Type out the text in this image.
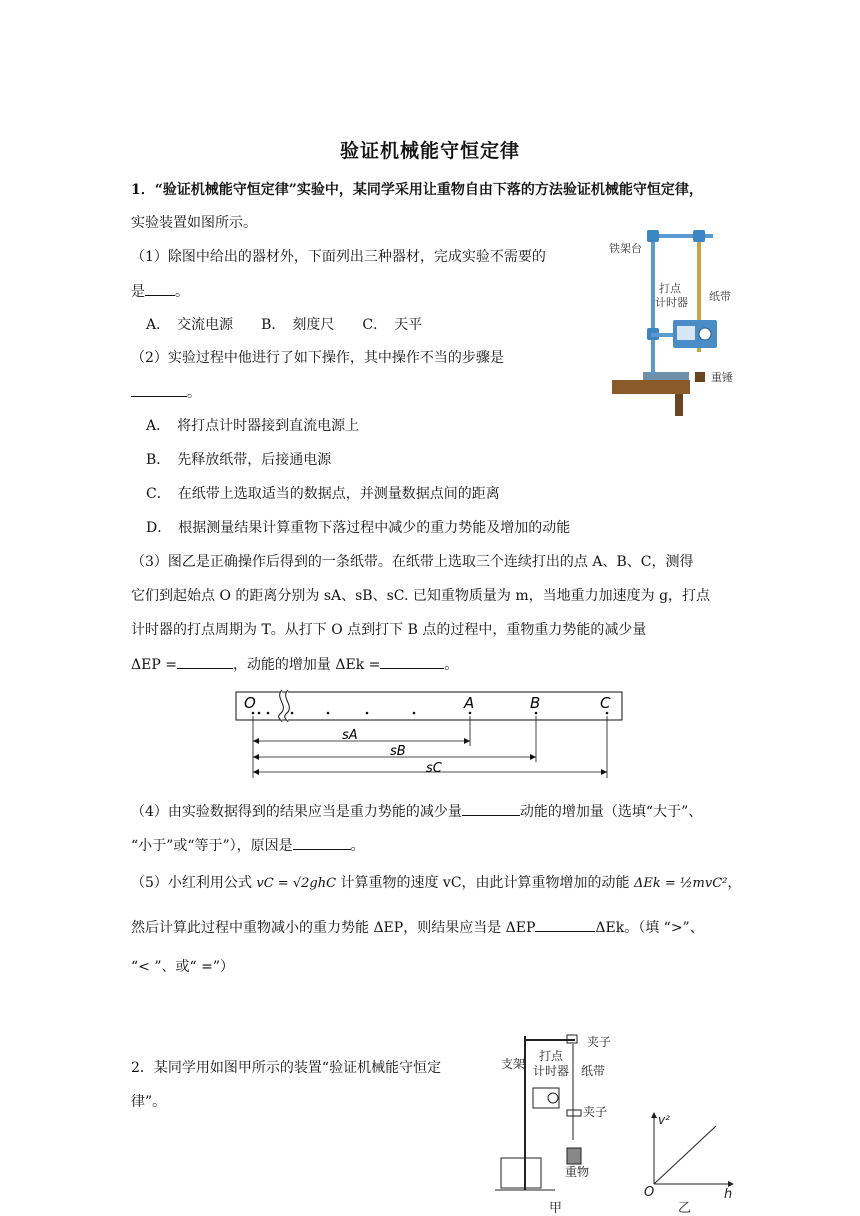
验证机械能守恒定律
1．“验证机械能守恒定律”实验中，某同学采用让重物自由下落的方法验证机械能守恒定律，
实验装置如图所示。
（1）除图中给出的器材外，下面列出三种器材，完成实验不需要的
是 。
A．　交流电源　　B．　刻度尺　　C．　天平
（2）实验过程中他进行了如下操作，其中操作不当的步骤是
。
A．　将打点计时器接到直流电源上
B．　先释放纸带，后接通电源
C．　在纸带上选取适当的数据点，并测量数据点间的距离
D．　根据测量结果计算重物下落过程中减少的重力势能及增加的动能
（3）图乙是正确操作后得到的一条纸带。在纸带上选取三个连续打出的点 A、B、C，测得
它们到起始点 O 的距离分别为 sA、sB、sC. 已知重物质量为 m，当地重力加速度为 g，打点
计时器的打点周期为 T。从打下 O 点到打下 B 点的过程中，重物重力势能的减少量
ΔEP =	，动能的增加量 ΔEk =	。
O	A	B	C
sA
sB
sC
（4）由实验数据得到的结果应当是重力势能的减少量	动能的增加量（选填“大于”、
“小于”或“等于”），原因是	。
（5）小红利用公式 vC = √2ghC 计算重物的速度 vC，由此计算重物增加的动能 ΔEk = ½mvC²，
然后计算此过程中重物减小的重力势能 ΔEP，则结果应当是 ΔEP	ΔEk。（填 “>”、
“< ”、或“ =”）
铁架台
打点
计时器 纸带
重锤
2．某同学用如图甲所示的装置“验证机械能守恒定
律”。
夹子
支架
打点
计时器 纸带
夹子
重物
甲
v²
h
O
乙
